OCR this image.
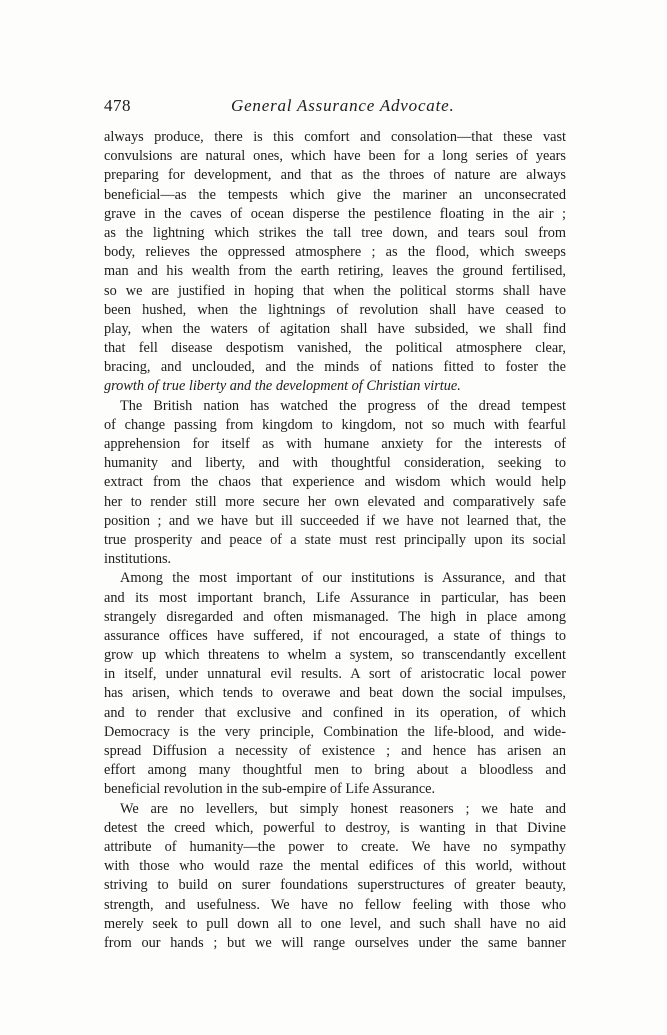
478	General Assurance Advocate.
always produce, there is this comfort and consolation—that these vast
convulsions are natural ones, which have been for a long series of years
preparing for development, and that as the throes of nature are always
beneficial—as the tempests which give the mariner an unconsecrated
grave in the caves of ocean disperse the pestilence floating in the air ;
as the lightning which strikes the tall tree down, and tears soul from
body, relieves the oppressed atmosphere ; as the flood, which sweeps
man and his wealth from the earth retiring, leaves the ground fertilised,
so we are justified in hoping that when the political storms shall have
been hushed, when the lightnings of revolution shall have ceased to
play, when the waters of agitation shall have subsided, we shall find
that fell disease despotism vanished, the political atmosphere clear,
bracing, and unclouded, and the minds of nations fitted to foster the
growth of true liberty and the development of Christian virtue.
The British nation has watched the progress of the dread tempest
of change passing from kingdom to kingdom, not so much with fearful
apprehension for itself as with humane anxiety for the interests of
humanity and liberty, and with thoughtful consideration, seeking to
extract from the chaos that experience and wisdom which would help
her to render still more secure her own elevated and comparatively safe
position ; and we have but ill succeeded if we have not learned that, the
true prosperity and peace of a state must rest principally upon its social
institutions.
Among the most important of our institutions is Assurance, and that
and its most important branch, Life Assurance in particular, has been
strangely disregarded and often mismanaged. The high in place among
assurance offices have suffered, if not encouraged, a state of things to
grow up which threatens to whelm a system, so transcendantly excellent
in itself, under unnatural evil results. A sort of aristocratic local power
has arisen, which tends to overawe and beat down the social impulses,
and to render that exclusive and confined in its operation, of which
Democracy is the very principle, Combination the life-blood, and wide-
spread Diffusion a necessity of existence ; and hence has arisen an
effort among many thoughtful men to bring about a bloodless and
beneficial revolution in the sub-empire of Life Assurance.
We are no levellers, but simply honest reasoners ; we hate and
detest the creed which, powerful to destroy, is wanting in that Divine
attribute of humanity—the power to create. We have no sympathy
with those who would raze the mental edifices of this world, without
striving to build on surer foundations superstructures of greater beauty,
strength, and usefulness. We have no fellow feeling with those who
merely seek to pull down all to one level, and such shall have no aid
from our hands ; but we will range ourselves under the same banner
